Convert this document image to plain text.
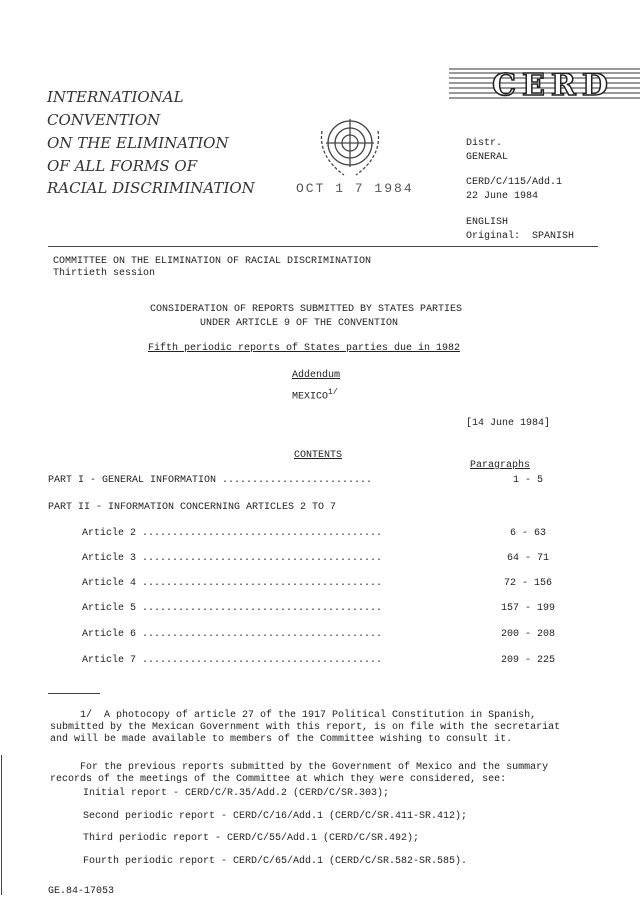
CERD

INTERNATIONAL
CONVENTION
ON THE ELIMINATION
OF ALL FORMS OF
RACIAL DISCRIMINATION

	OCT 1 7 1984
Distr.
GENERAL
CERD/C/115/Add.1
22 June 1984
ENGLISH
Original:  SPANISH
COMMITTEE ON THE ELIMINATION OF RACIAL DISCRIMINATION
Thirtieth session
CONSIDERATION OF REPORTS SUBMITTED BY STATES PARTIES
UNDER ARTICLE 9 OF THE CONVENTION
Fifth periodic reports of States parties due in 1982
Addendum
$MEXICO^{1/}$
[14 June 1984]
CONTENTS
Paragraphs
PART I - GENERAL INFORMATION .........................	1 - 5
PART II - INFORMATION CONCERNING ARTICLES 2 TO 7
Article 2 ........................................	6 - 63
Article 3 ........................................	64 - 71
Article 4 ........................................	72 - 156
Article 5 ........................................	157 - 199
Article 6 ........................................	200 - 208
Article 7 ........................................	209 - 225
1/  A photocopy of article 27 of the 1917 Political Constitution in Spanish,
submitted by the Mexican Government with this report, is on file with the secretariat
and will be made available to members of the Committee wishing to consult it.
For the previous reports submitted by the Government of Mexico and the summary
records of the meetings of the Committee at which they were considered, see:
Initial report - CERD/C/R.35/Add.2 (CERD/C/SR.303);
Second periodic report - CERD/C/16/Add.1 (CERD/C/SR.411-SR.412);
Third periodic report - CERD/C/55/Add.1 (CERD/C/SR.492);
Fourth periodic report - CERD/C/65/Add.1 (CERD/C/SR.582-SR.585).
GE.84-17053
